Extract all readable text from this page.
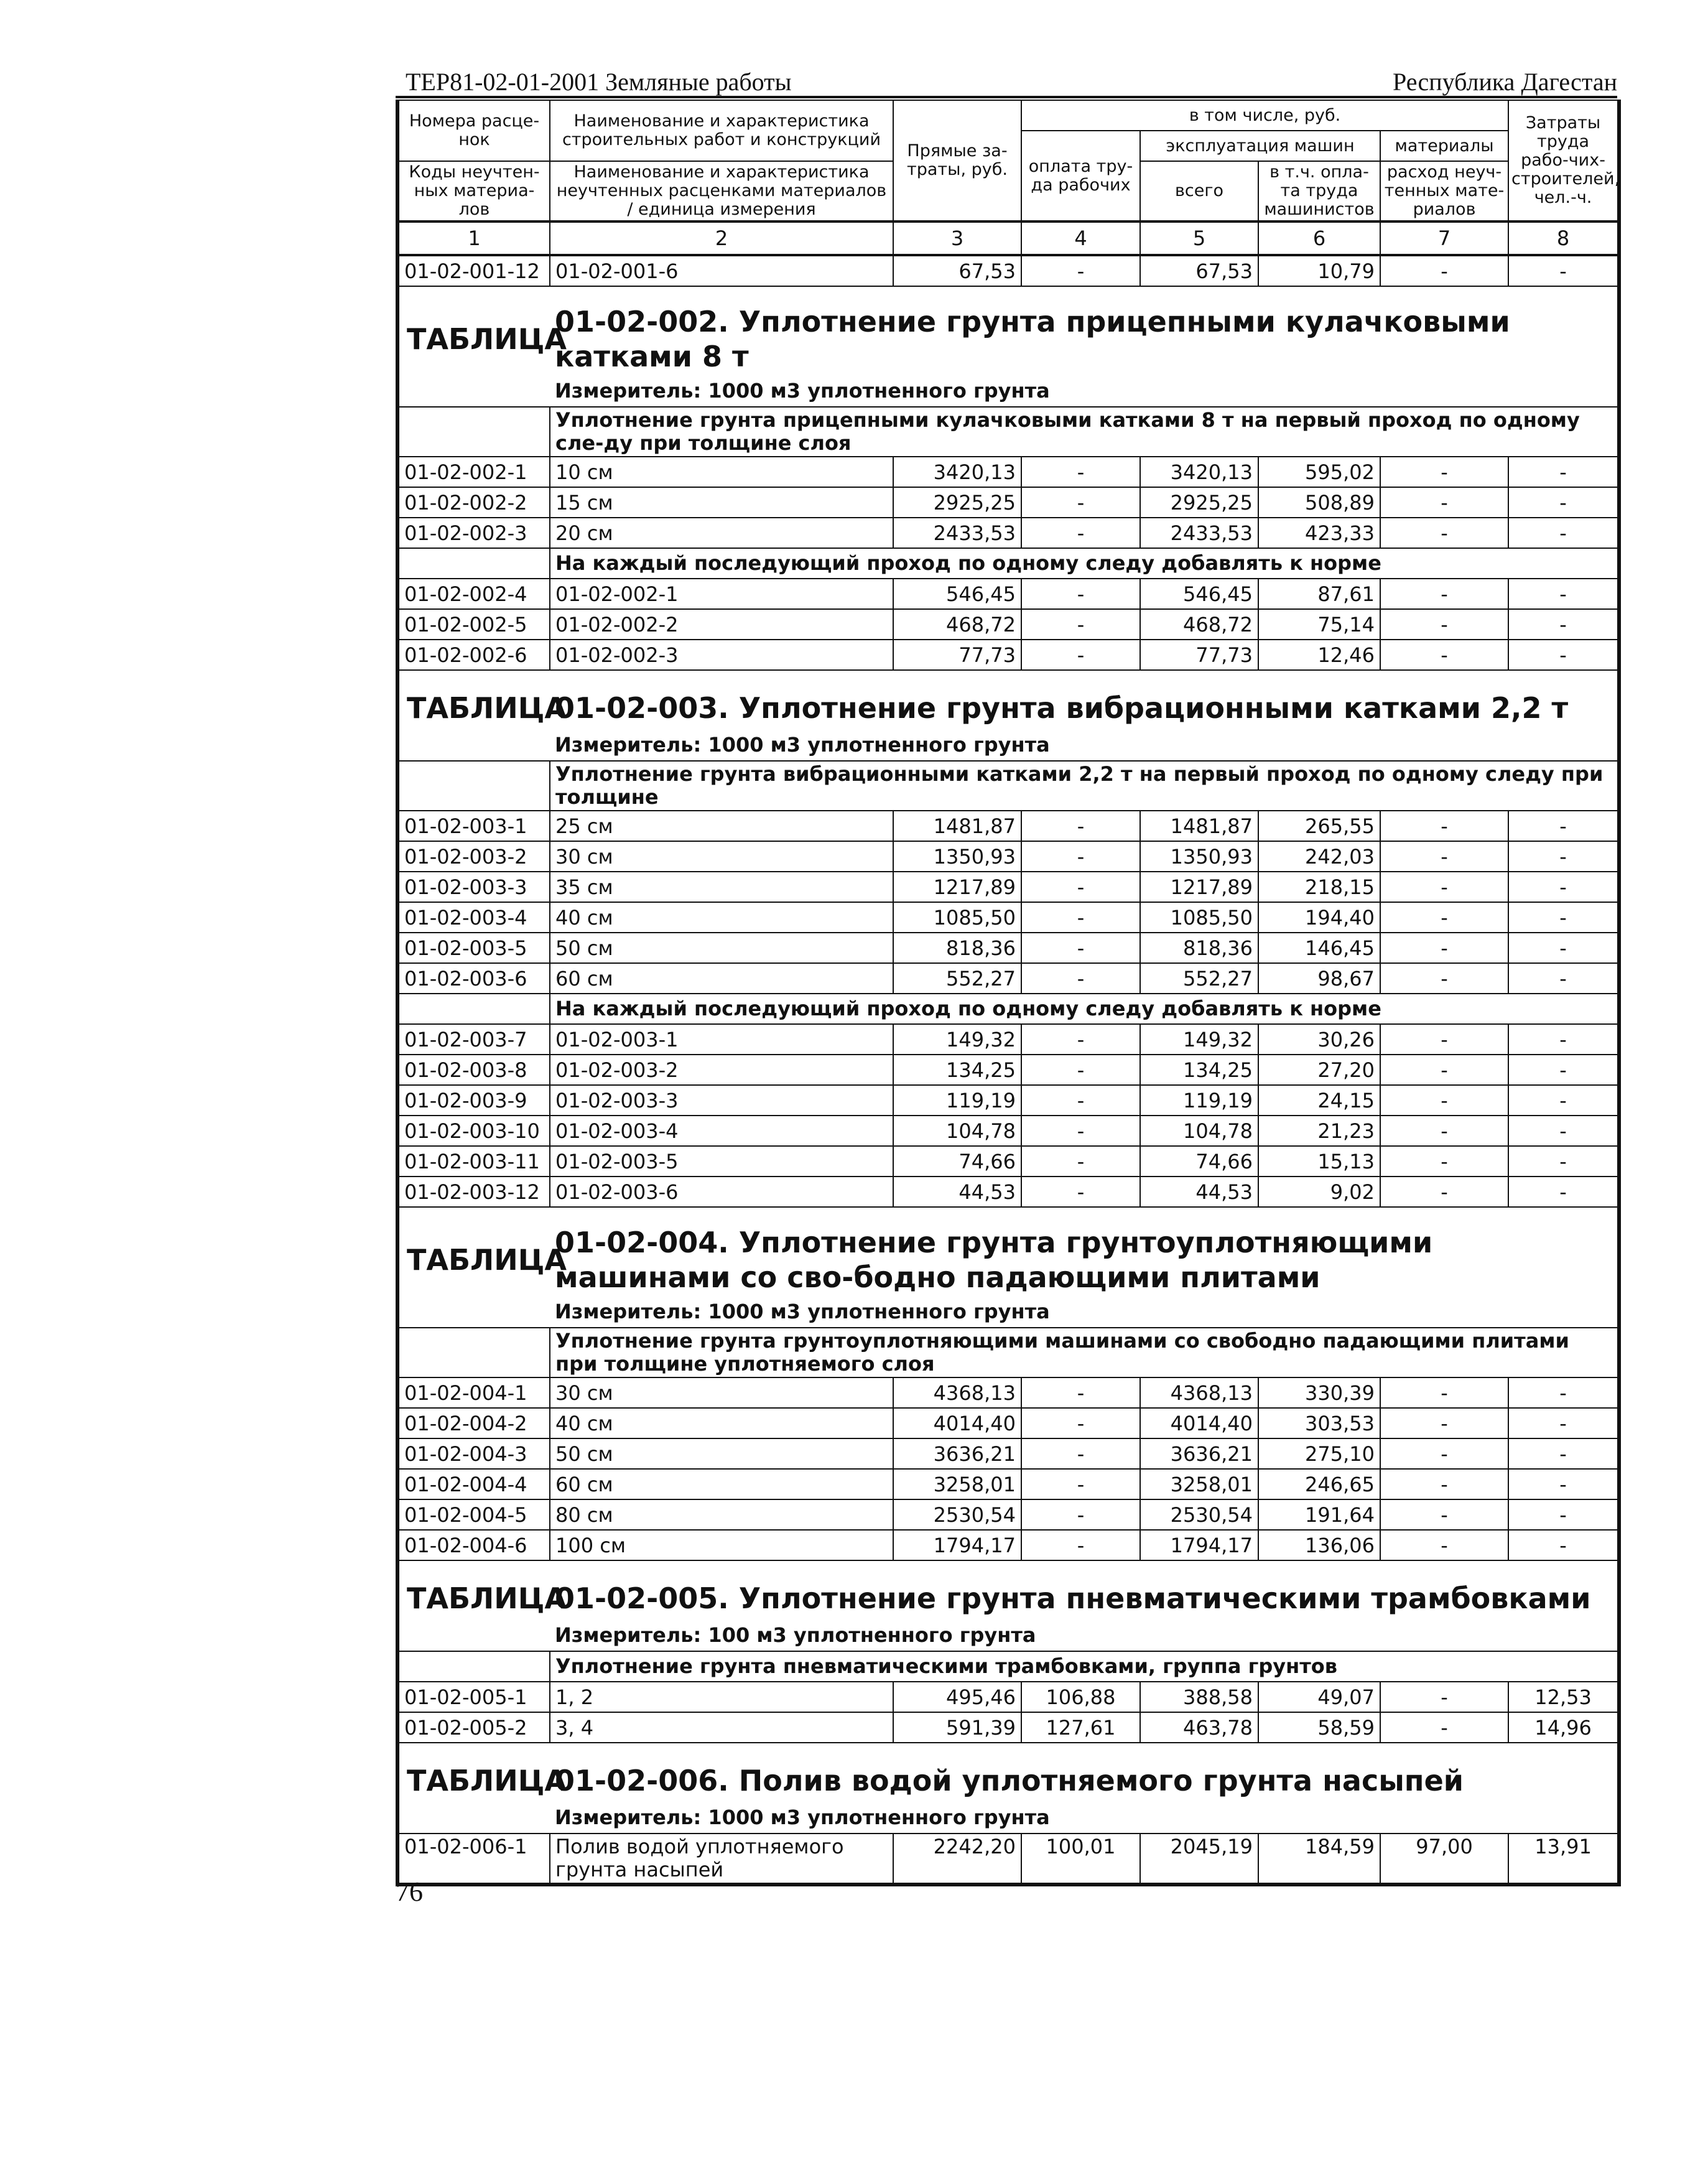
ТЕР81-02-01-2001 Земляные работы	Республика Дагестан
Номера расце-нок	Наименование и характеристика строительных работ и конструкций	Прямые за-траты, руб.	в том числе, руб.				Затраты труда рабо-чих-строителей, чел.-ч.
			оплата тру-да рабочих	эксплуатация машин		материалы	
Коды неучтен-ных материа-лов	Наименование и характеристика неучтенных расценками материалов / единица измерения			всего	в т.ч. опла-та труда машинистов	расход неуч-тенных мате-риалов	

1	2	3	4	5	6	7	8
01-02-001-12	01-02-001-6	67,53	-	67,53	10,79	-	-

ТАБЛИЦА	01-02-002. Уплотнение грунта прицепными кулачковыми катками 8 т						
	Измеритель: 1000 м3 уплотненного грунта						
	Уплотнение грунта прицепными кулачковыми катками 8 т на первый проход по одному сле-ду при толщине слоя						
01-02-002-1	10 см	3420,13	-	3420,13	595,02	-	-
01-02-002-2	15 см	2925,25	-	2925,25	508,89	-	-
01-02-002-3	20 см	2433,53	-	2433,53	423,33	-	-
	На каждый последующий проход по одному следу добавлять к норме						
01-02-002-4	01-02-002-1	546,45	-	546,45	87,61	-	-
01-02-002-5	01-02-002-2	468,72	-	468,72	75,14	-	-
01-02-002-6	01-02-002-3	77,73	-	77,73	12,46	-	-

ТАБЛИЦА	01-02-003. Уплотнение грунта вибрационными катками 2,2 т						
	Измеритель: 1000 м3 уплотненного грунта						
	Уплотнение грунта вибрационными катками 2,2 т на первый проход по одному следу при толщине						
01-02-003-1	25 см	1481,87	-	1481,87	265,55	-	-
01-02-003-2	30 см	1350,93	-	1350,93	242,03	-	-
01-02-003-3	35 см	1217,89	-	1217,89	218,15	-	-
01-02-003-4	40 см	1085,50	-	1085,50	194,40	-	-
01-02-003-5	50 см	818,36	-	818,36	146,45	-	-
01-02-003-6	60 см	552,27	-	552,27	98,67	-	-
	На каждый последующий проход по одному следу добавлять к норме						
01-02-003-7	01-02-003-1	149,32	-	149,32	30,26	-	-
01-02-003-8	01-02-003-2	134,25	-	134,25	27,20	-	-
01-02-003-9	01-02-003-3	119,19	-	119,19	24,15	-	-
01-02-003-10	01-02-003-4	104,78	-	104,78	21,23	-	-
01-02-003-11	01-02-003-5	74,66	-	74,66	15,13	-	-
01-02-003-12	01-02-003-6	44,53	-	44,53	9,02	-	-

ТАБЛИЦА	01-02-004. Уплотнение грунта грунтоуплотняющими машинами со сво-бодно падающими плитами						
	Измеритель: 1000 м3 уплотненного грунта						
	Уплотнение грунта грунтоуплотняющими машинами со свободно падающими плитами при толщине уплотняемого слоя						
01-02-004-1	30 см	4368,13	-	4368,13	330,39	-	-
01-02-004-2	40 см	4014,40	-	4014,40	303,53	-	-
01-02-004-3	50 см	3636,21	-	3636,21	275,10	-	-
01-02-004-4	60 см	3258,01	-	3258,01	246,65	-	-
01-02-004-5	80 см	2530,54	-	2530,54	191,64	-	-
01-02-004-6	100 см	1794,17	-	1794,17	136,06	-	-

ТАБЛИЦА	01-02-005. Уплотнение грунта пневматическими трамбовками						
	Измеритель: 100 м3 уплотненного грунта						
	Уплотнение грунта пневматическими трамбовками, группа грунтов						
01-02-005-1	1, 2	495,46	106,88	388,58	49,07	-	12,53
01-02-005-2	3, 4	591,39	127,61	463,78	58,59	-	14,96

ТАБЛИЦА	01-02-006. Полив водой уплотняемого грунта насыпей						
	Измеритель: 1000 м3 уплотненного грунта						
01-02-006-1	Полив водой уплотняемого грунта насыпей	2242,20	100,01	2045,19	184,59	97,00	13,91
76
